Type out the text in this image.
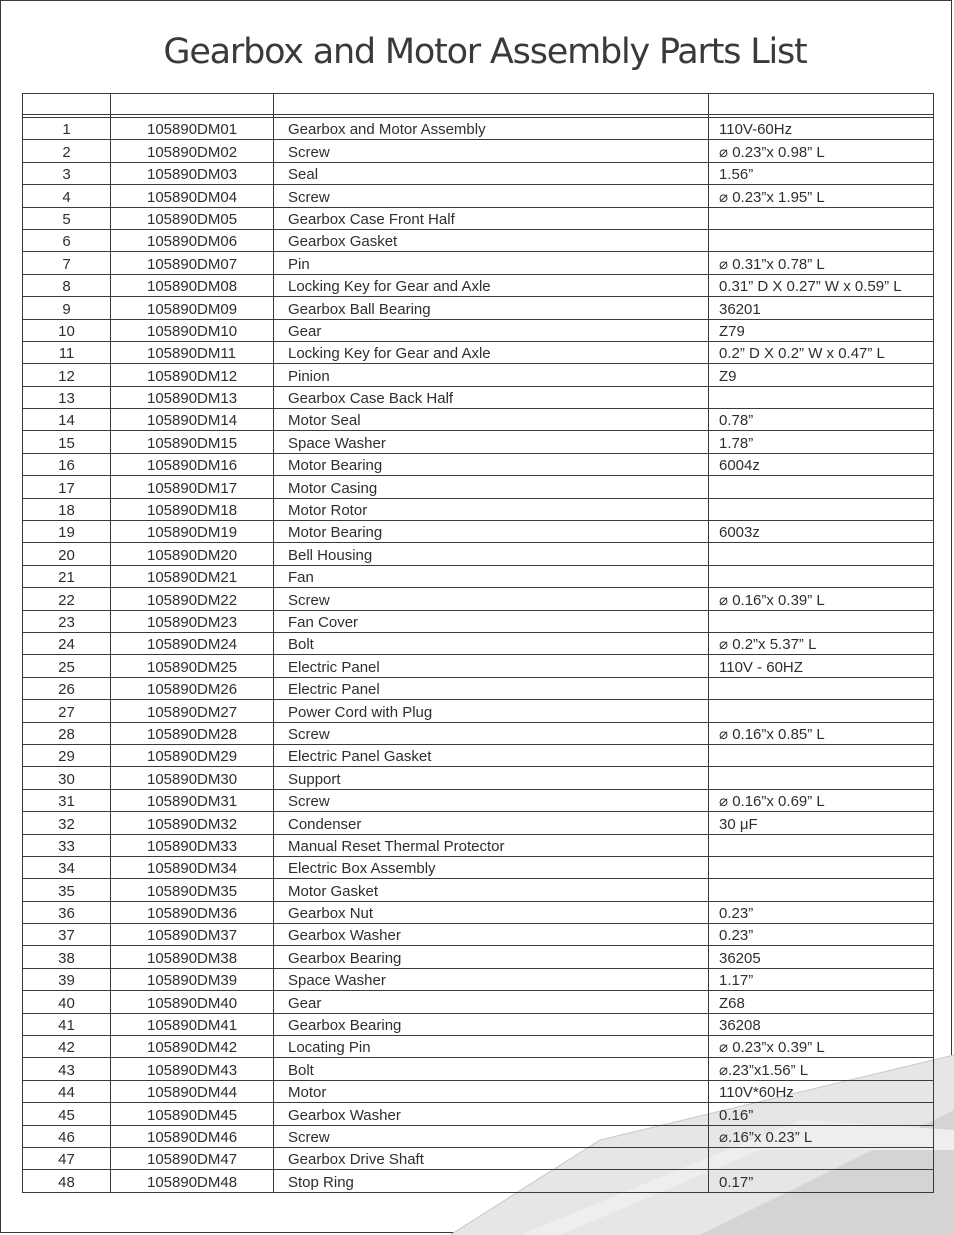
Gearbox and Motor Assembly Parts List

1	105890DM01	Gearbox and Motor Assembly	110V-60Hz
2	105890DM02	Screw	⌀ 0.23”x 0.98” L
3	105890DM03	Seal	1.56”
4	105890DM04	Screw	⌀ 0.23”x 1.95” L
5	105890DM05	Gearbox Case Front Half	
6	105890DM06	Gearbox Gasket	
7	105890DM07	Pin	⌀ 0.31”x 0.78” L
8	105890DM08	Locking Key for Gear and Axle	0.31” D X 0.27” W x 0.59” L
9	105890DM09	Gearbox Ball Bearing	36201
10	105890DM10	Gear	Z79
11	105890DM11	Locking Key for Gear and Axle	0.2” D X 0.2” W x 0.47” L
12	105890DM12	Pinion	Z9
13	105890DM13	Gearbox Case Back Half	
14	105890DM14	Motor Seal	0.78”
15	105890DM15	Space Washer	1.78”
16	105890DM16	Motor Bearing	6004z
17	105890DM17	Motor Casing	
18	105890DM18	Motor Rotor	
19	105890DM19	Motor Bearing	6003z
20	105890DM20	Bell Housing	
21	105890DM21	Fan	
22	105890DM22	Screw	⌀ 0.16”x 0.39” L
23	105890DM23	Fan Cover	
24	105890DM24	Bolt	⌀ 0.2”x 5.37” L
25	105890DM25	Electric Panel	110V - 60HZ
26	105890DM26	Electric Panel	
27	105890DM27	Power Cord with Plug	
28	105890DM28	Screw	⌀ 0.16”x 0.85” L
29	105890DM29	Electric Panel Gasket	
30	105890DM30	Support	
31	105890DM31	Screw	⌀ 0.16”x 0.69” L
32	105890DM32	Condenser	30 μF
33	105890DM33	Manual Reset Thermal Protector	
34	105890DM34	Electric Box Assembly	
35	105890DM35	Motor Gasket	
36	105890DM36	Gearbox Nut	0.23”
37	105890DM37	Gearbox Washer	0.23”
38	105890DM38	Gearbox Bearing	36205
39	105890DM39	Space Washer	1.17”
40	105890DM40	Gear	Z68
41	105890DM41	Gearbox Bearing	36208
42	105890DM42	Locating Pin	⌀ 0.23”x 0.39” L
43	105890DM43	Bolt	⌀.23”x1.56” L
44	105890DM44	Motor	110V*60Hz
45	105890DM45	Gearbox Washer	0.16”
46	105890DM46	Screw	⌀.16”x 0.23” L
47	105890DM47	Gearbox Drive Shaft	
48	105890DM48	Stop Ring	0.17”
